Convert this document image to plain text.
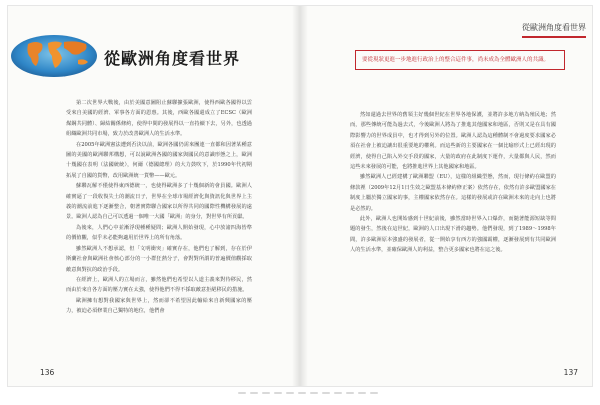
從歐洲角度看世界

第二次世界大戰後，由於美國意圖阻止蘇聯擴張歐洲，使得西歐各國得以雲受來自美國的經濟、軍事各方面的恩惠。其後，西歐各國還成立了ECSC（歐洲煤鋼共同體）、歸結關係條約，使得中間的發展得以一直持續下去，另外，也透過組織歐洲共同市場，致力於改善歐洲人的生活水準。

在2005年歐洲憲法遭到否決以前，歐洲各國仍需來團連一直都和因著某種意圖的美國的歐洲聯邦構想，可以說歐洲各國的國家與國民的意識形態之上，歐洲十幾國在表明（法國統統），何爾（德國總理）的大力鼓吹下，於1990年代初期拓展了自國的貨幣，改用歐洲統一貨幣——歐元。

蘇聯瓦解不僅使得東西德統一，也使得歐洲多了十幾個新的會員國。歐洲人確實逼了一段收復失土的潮流日子，世界在全球市場經濟化與資訊化與世界上主義的潮流前進下逐漸整合，朝著實際聯合國家以所得共同的國際性機構發展的遠景。歐洲人認為自己可以透過一個唯一大國「歐洲」的身分，對世界有所貢獻。

為後來，人們心中並漸浮現種種疑問；歐洲人開始發現，心中放諸四海皆準的價值觀，似乎未必能夠適用於世界上的所有角落。

雖然歐洲人不想承認，但「文明衝突」確實存在，他們也了解到，存在於伊斯蘭社會與歐洲社會核心部分的一小群狂熱分子，會對對所謂的普遍價值觀採取敵意與對抗的政治手段。

在經濟上，歐洲人的立場而言，雖然他們也希望以人道主義來對待移民，然而由於來自各方面的壓力實在太強，使得他們不得不採取敵意拒絕移民的措施。

歐洲擁有想對我國家與世界上，然而卻不希望因此輸給來自新興國家的壓力，被迫必須修業自己獨特的地位，他們會

136
從歐洲角度看世界
要從現狀更進一步地進行政治上的整合這件事，尚未成為全體歐洲人的共識。

然如還過去世界的舊領主好幾個世紀在世界各地保護，並將許多地方納為殖民地；然而，那些傳統可能為過去式，今後歐洲人將為了推進其他國家和地區，否則又是在具有國際影響力的世界成員中，也才得到另外的位置。歐洲人認為這種體制不會過度要求國家必須在社會上被迫讓出很重要地的權利。而這些新的主要國家在一個比喻形式上已經出現的經濟，使得自己陷入外交手段的國家，大量的政府在此制度下運作，大量都與人民，然而這些未來發展的可能，也將推進世界上其他國家和地區。

雖然歐洲人已經建構了歐洲聯盟（EU），這樣的組織型態，然而，現行條約在歐盟的條款裡（2009年12月1日生效之歐盟基本條約修正案）依然存在，依然有許多歐盟國家在制度上屬於獨立國家的事，主權國家依然存在。這樣的發展或許在歐洲未來的走向上也將是必然的。

此外，歐洲人也開始感到十世紀前後，雖然當時世界入口爆炸，而隨著能源短缺等問題的發生，然後在這世紀，歐洲的人口出現下滑的趨勢。他們發現，到了1989〜1998年間，許多歐洲原本強盛的發展者，從一開始享有西方的強國霸權，逐漸發展到有共同歐洲人的生活水準，並確保歐洲人的利益，整合更多國家也將在這之後。

137
